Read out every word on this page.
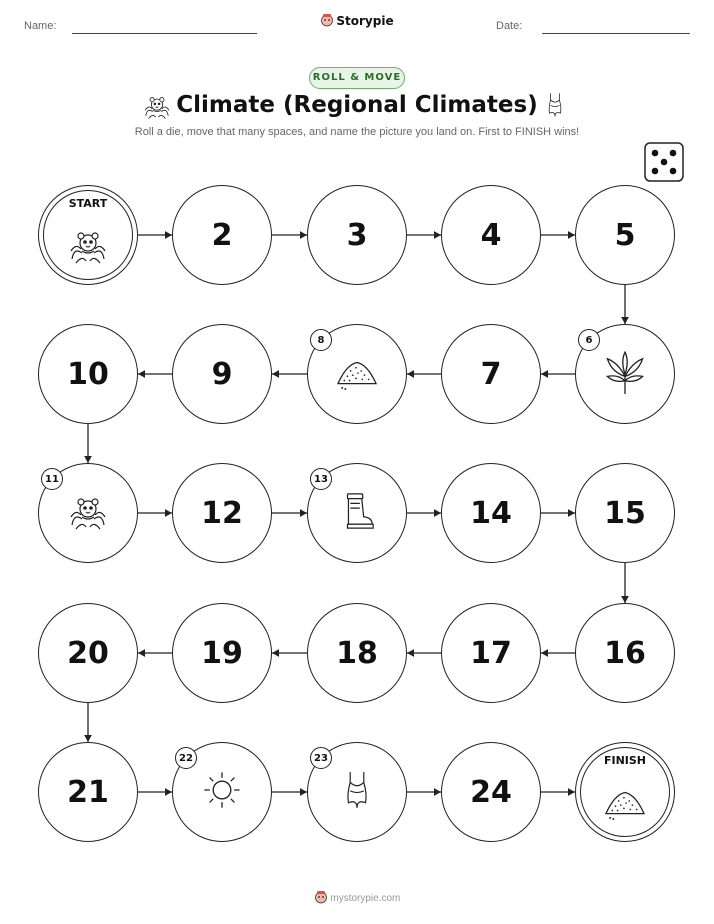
Name:	Storypie	Date:
ROLL & MOVE
Climate (Regional Climates)
Roll a die, move that many spaces, and name the picture you land on. First to FINISH wins!
START
2	3	4	5
6
7
8
9
10
11
12
13
14	15
16
17
18
19
20
21
22	23
24
FINISH
mystorypie.com
